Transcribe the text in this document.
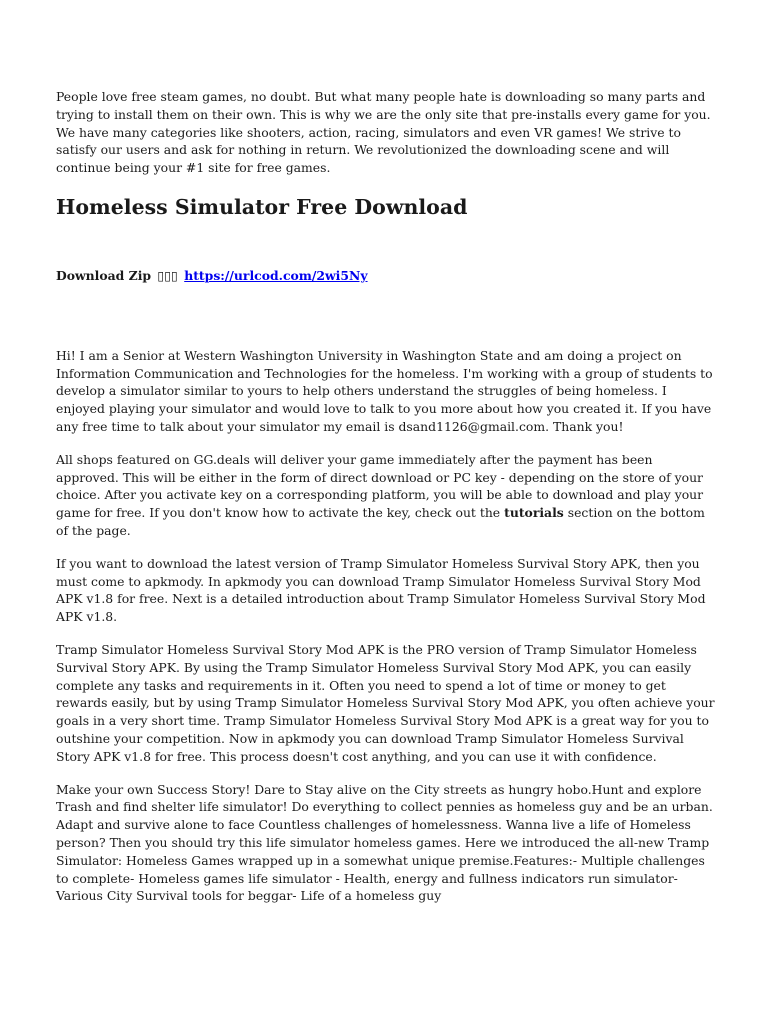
People love free steam games, no doubt. But what many people hate is downloading so many parts and trying to install them on their own. This is why we are the only site that pre-installs every game for you. We have many categories like shooters, action, racing, simulators and even VR games! We strive to satisfy our users and ask for nothing in return. We revolutionized the downloading scene and will continue being your #1 site for free games.

Homeless Simulator Free Download
Download Zip ▯▯▯ https://urlcod.com/2wi5Ny

Hi! I am a Senior at Western Washington University in Washington State and am doing a project on Information Communication and Technologies for the homeless. I'm working with a group of students to develop a simulator similar to yours to help others understand the struggles of being homeless. I enjoyed playing your simulator and would love to talk to you more about how you created it. If you have any free time to talk about your simulator my email is dsand1126@gmail.com. Thank you!

All shops featured on GG.deals will deliver your game immediately after the payment has been approved. This will be either in the form of direct download or PC key - depending on the store of your choice. After you activate key on a corresponding platform, you will be able to download and play your game for free. If you don't know how to activate the key, check out the tutorials section on the bottom of the page.

If you want to download the latest version of Tramp Simulator Homeless Survival Story APK, then you must come to apkmody. In apkmody you can download Tramp Simulator Homeless Survival Story Mod APK v1.8 for free. Next is a detailed introduction about Tramp Simulator Homeless Survival Story Mod APK v1.8.

Tramp Simulator Homeless Survival Story Mod APK is the PRO version of Tramp Simulator Homeless Survival Story APK. By using the Tramp Simulator Homeless Survival Story Mod APK, you can easily complete any tasks and requirements in it. Often you need to spend a lot of time or money to get rewards easily, but by using Tramp Simulator Homeless Survival Story Mod APK, you often achieve your goals in a very short time. Tramp Simulator Homeless Survival Story Mod APK is a great way for you to outshine your competition. Now in apkmody you can download Tramp Simulator Homeless Survival Story APK v1.8 for free. This process doesn't cost anything, and you can use it with confidence.

Make your own Success Story! Dare to Stay alive on the City streets as hungry hobo.Hunt and explore Trash and find shelter life simulator! Do everything to collect pennies as homeless guy and be an urban. Adapt and survive alone to face Countless challenges of homelessness. Wanna live a life of Homeless person? Then you should try this life simulator homeless games. Here we introduced the all-new Tramp Simulator: Homeless Games wrapped up in a somewhat unique premise.Features:- Multiple challenges to complete- Homeless games life simulator - Health, energy and fullness indicators run simulator- Various City Survival tools for beggar- Life of a homeless guy
